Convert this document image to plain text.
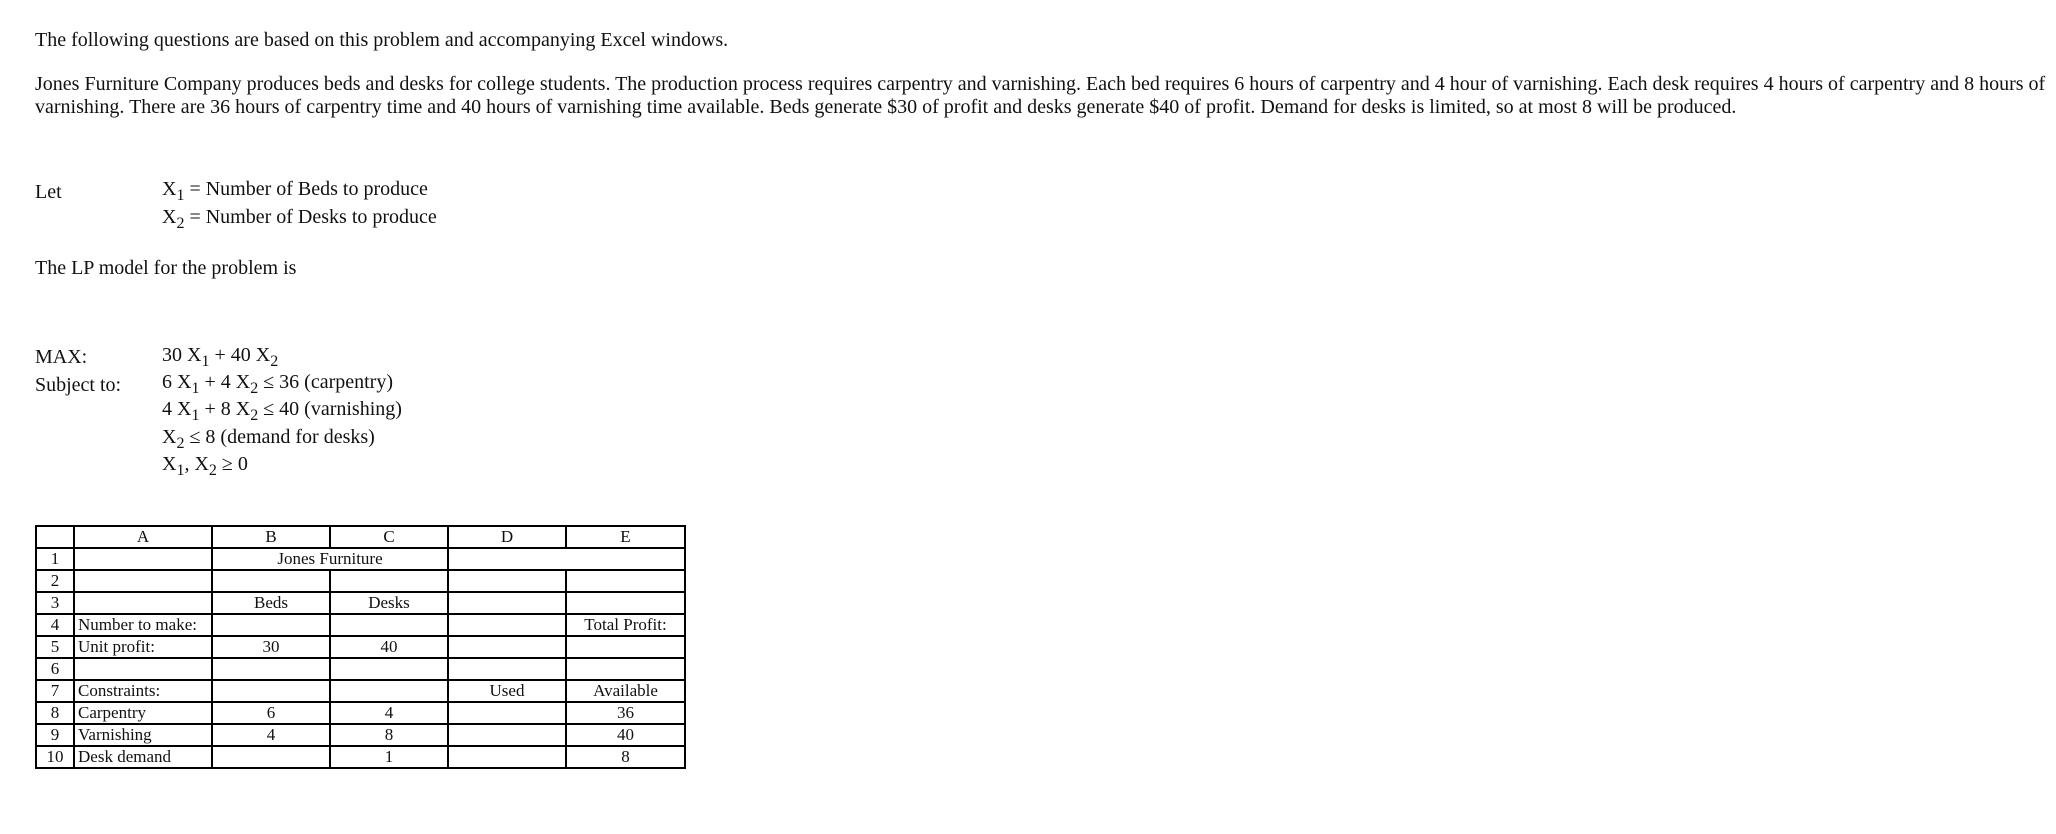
The following questions are based on this problem and accompanying Excel windows.
Jones Furniture Company produces beds and desks for college students. The production process requires carpentry and varnishing. Each bed requires 6 hours of carpentry and 4 hour of varnishing. Each desk requires 4 hours of carpentry and 8 hours of
varnishing. There are 36 hours of carpentry time and 40 hours of varnishing time available. Beds generate $30 of profit and desks generate $40 of profit. Demand for desks is limited, so at most 8 will be produced.
Let	$X_1$ = Number of Beds to produce
$X_2$ = Number of Desks to produce
The LP model for the problem is
MAX:
Subject to:
30 $X_1 + 40$ $X_2$
6 $X_1 + 4$ $X_2 \le 36$ (carpentry)
4 $X_1 + 8$ $X_2 \le 40$ (varnishing)
$X_2 \le 8$ (demand for desks)
$X_1$, $X_2 \ge 0$
	A	B	C	D	E
1		Jones Furniture			
2					
3		Beds	Desks		
4	Number to make:				Total Profit:
5	Unit profit:	30	40		
6					
7	Constraints:			Used	Available
8	Carpentry	6	4		36
9	Varnishing	4	8		40
10	Desk demand		1		8
